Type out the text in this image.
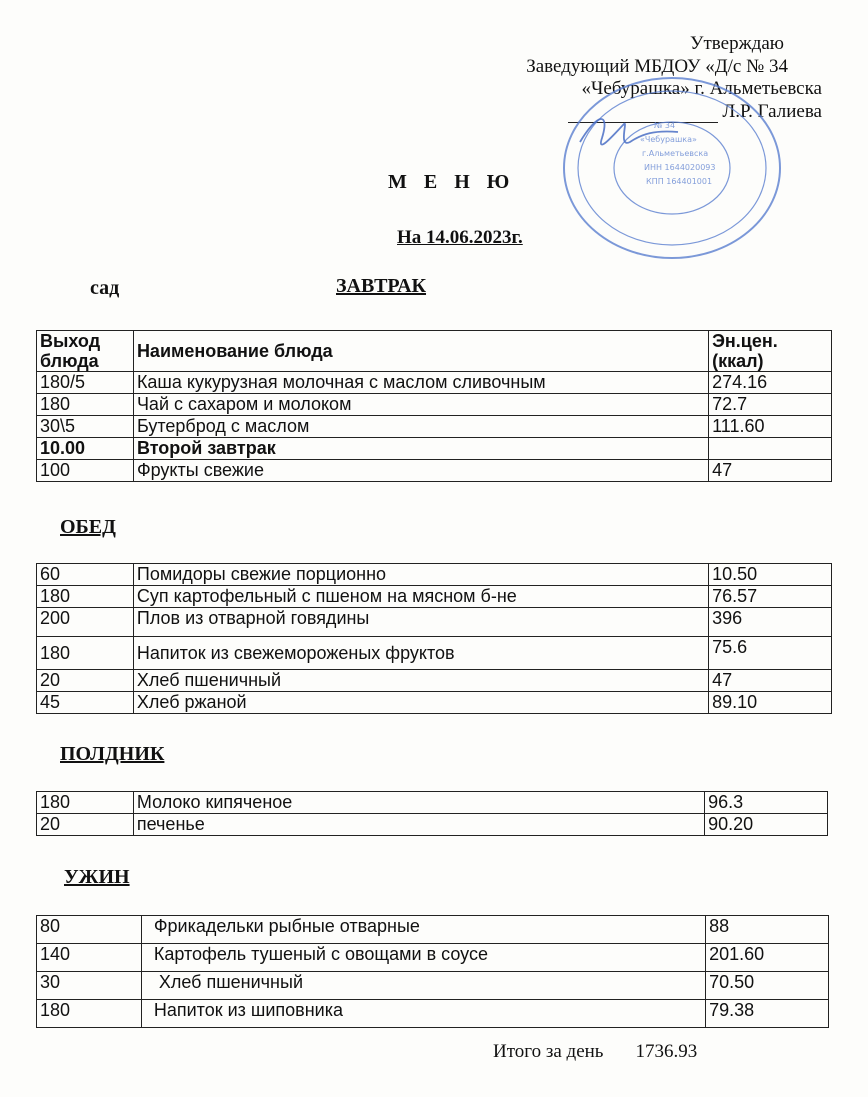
Утверждаю
Заведующий МБДОУ «Д/с № 34
«Чебурашка» г. Альметьевска
Л.Р. Галиева
«Чебурашка»
г.Альметьевска
ИНН 1644020093
КПП 164401001
№ 34
М Е Н Ю
На 14.06.2023г.
сад	ЗАВТРАК
Выход блюда	Наименование блюда	Эн.цен. (ккал)
180/5	Каша кукурузная молочная с маслом сливочным	274.16
180	Чай с сахаром и молоком	72.7
30\5	Бутерброд с маслом	111.60
10.00	Второй завтрак	
100	Фрукты свежие	47
ОБЕД
60	Помидоры свежие порционно	10.50
180	Суп картофельный с пшеном на мясном б-не	76.57
200	Плов из отварной говядины	396
180	Напиток из свежемороженых фруктов	75.6
20	Хлеб пшеничный	47
45	Хлеб ржаной	89.10
ПОЛДНИК
180	Молоко кипяченое	96.3
20	печенье	90.20
УЖИН
80	Фрикадельки рыбные отварные	88
140	Картофель тушеный с овощами в соусе	201.60
30	Хлеб пшеничный	70.50
180	Напиток из шиповника	79.38
Итого за день 1736.93
